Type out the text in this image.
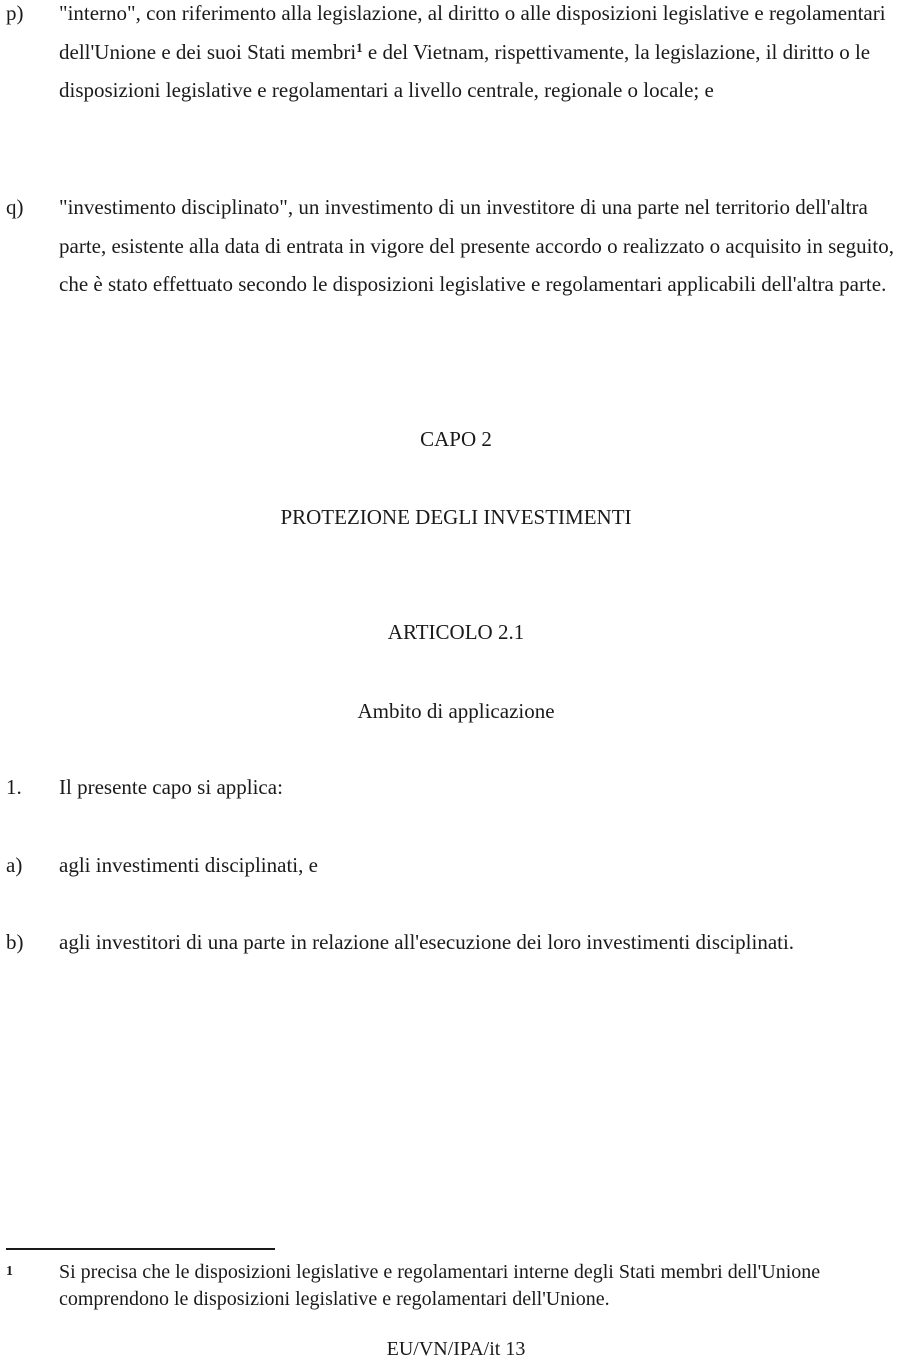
p) "interno", con riferimento alla legislazione, al diritto o alle disposizioni legislative e regolamentari dell'Unione e dei suoi Stati membri$^1$ e del Vietnam, rispettivamente, la legislazione, il diritto o le disposizioni legislative e regolamentari a livello centrale, regionale o locale; e
q) "investimento disciplinato", un investimento di un investitore di una parte nel territorio dell'altra parte, esistente alla data di entrata in vigore del presente accordo o realizzato o acquisito in seguito, che è stato effettuato secondo le disposizioni legislative e regolamentari applicabili dell'altra parte.
CAPO 2
PROTEZIONE DEGLI INVESTIMENTI
ARTICOLO 2.1
Ambito di applicazione
1. Il presente capo si applica:
a) agli investimenti disciplinati, e
b) agli investitori di una parte in relazione all'esecuzione dei loro investimenti disciplinati.
1 Si precisa che le disposizioni legislative e regolamentari interne degli Stati membri dell'Unione comprendono le disposizioni legislative e regolamentari dell'Unione.
EU/VN/IPA/it 13
